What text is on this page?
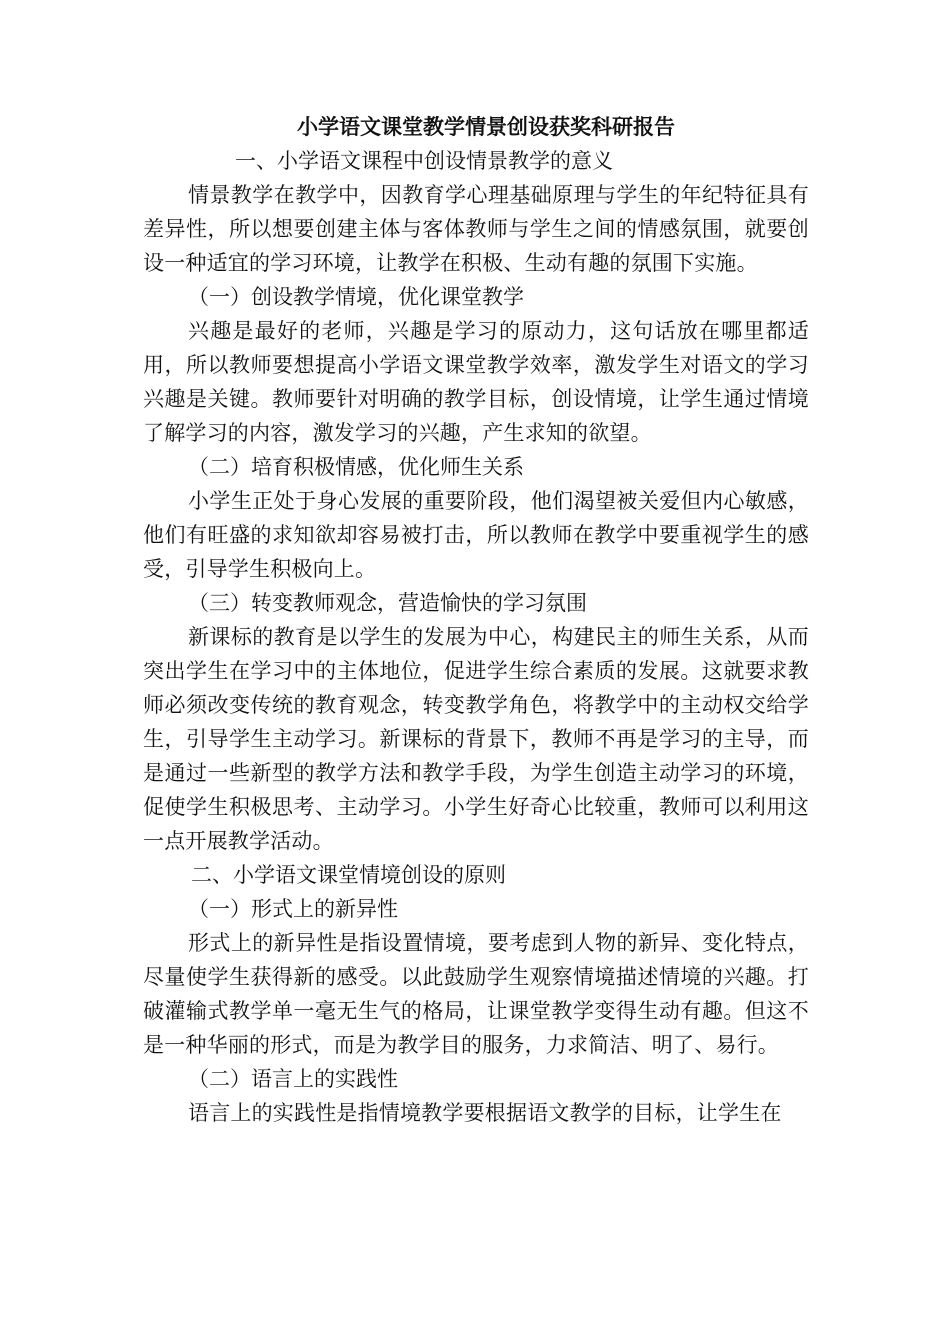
小学语文课堂教学情景创设获奖科研报告
一、小学语文课程中创设情景教学的意义

情景教学在教学中，因教育学心理基础原理与学生的年纪特征具有差异性，所以想要创建主体与客体教师与学生之间的情感氛围，就要创设一种适宜的学习环境，让教学在积极、生动有趣的氛围下实施。

（一）创设教学情境，优化课堂教学

兴趣是最好的老师，兴趣是学习的原动力，这句话放在哪里都适用，所以教师要想提高小学语文课堂教学效率，激发学生对语文的学习兴趣是关键。教师要针对明确的教学目标，创设情境，让学生通过情境了解学习的内容，激发学习的兴趣，产生求知的欲望。

（二）培育积极情感，优化师生关系

小学生正处于身心发展的重要阶段，他们渴望被关爱但内心敏感，他们有旺盛的求知欲却容易被打击，所以教师在教学中要重视学生的感受，引导学生积极向上。

（三）转变教师观念，营造愉快的学习氛围

新课标的教育是以学生的发展为中心，构建民主的师生关系，从而突出学生在学习中的主体地位，促进学生综合素质的发展。这就要求教师必须改变传统的教育观念，转变教学角色，将教学中的主动权交给学生，引导学生主动学习。新课标的背景下，教师不再是学习的主导，而是通过一些新型的教学方法和教学手段，为学生创造主动学习的环境，促使学生积极思考、主动学习。小学生好奇心比较重，教师可以利用这一点开展教学活动。

二、小学语文课堂情境创设的原则
（一）形式上的新异性

形式上的新异性是指设置情境，要考虑到人物的新异、变化特点，尽量使学生获得新的感受。以此鼓励学生观察情境描述情境的兴趣。打破灌输式教学单一毫无生气的格局，让课堂教学变得生动有趣。但这不是一种华丽的形式，而是为教学目的服务，力求简洁、明了、易行。

（二）语言上的实践性

语言上的实践性是指情境教学要根据语文教学的目标，让学生在
